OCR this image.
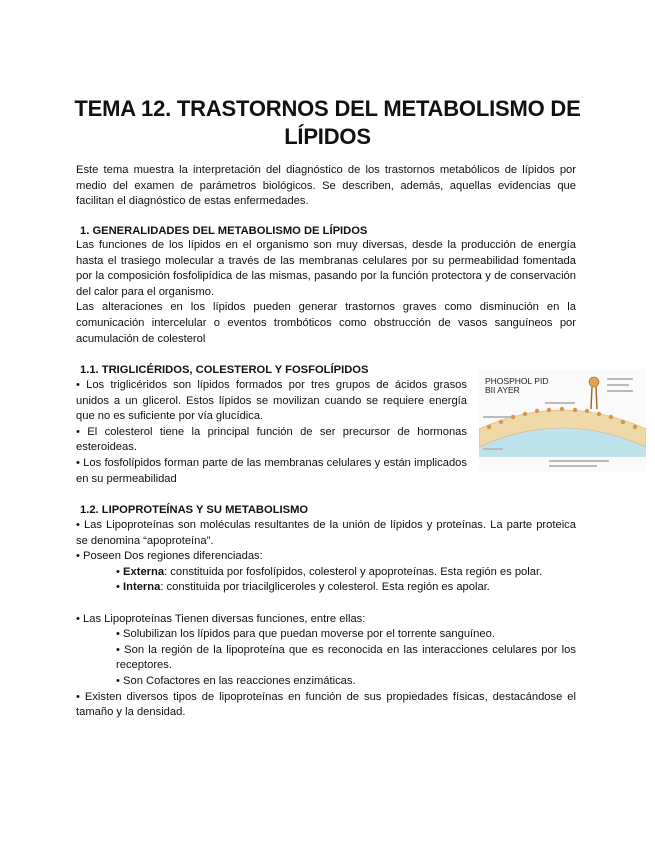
TEMA 12. TRASTORNOS DEL METABOLISMO DE
LÍPIDOS
Este tema muestra la interpretación del diagnóstico de los trastornos metabólicos de lípidos por medio del examen de parámetros biológicos. Se describen, además, aquellas evidencias que facilitan el diagnóstico de estas enfermedades.
1. GENERALIDADES DEL METABOLISMO DE LÍPIDOS

Las funciones de los lípidos en el organismo son muy diversas, desde la producción de energía hasta el trasiego molecular a través de las membranas celulares por su permeabilidad fomentada por la composición fosfolipídica de las mismas, pasando por la función protectora y de conservación del calor para el organismo.

Las alteraciones en los lípidos pueden generar trastornos graves como disminución en la comunicación intercelular o eventos trombóticos como obstrucción de vasos sanguíneos por acumulación de colesterol

1.1. TRIGLICÉRIDOS, COLESTEROL Y FOSFOLÍPIDOS

• Los triglicéridos son lípidos formados por tres grupos de ácidos grasos unidos a un glicerol. Estos lípidos se movilizan cuando se requiere energía que no es suficiente por vía glucídica.

• El colesterol tiene la principal función de ser precursor de hormonas esteroideas.

• Los fosfolípidos forman parte de las membranas celulares y están implicados en su permeabilidad

PHOSPHOL PID
BII AYER
1.2. LIPOPROTEÍNAS Y SU METABOLISMO

• Las Lipoproteínas son moléculas resultantes de la unión de lípidos y proteínas. La parte proteica se denomina “apoproteína”.

• Poseen Dos regiones diferenciadas:

• Externa: constituida por fosfolípidos, colesterol y apoproteínas. Esta región es polar.

• Interna: constituida por triacilgliceroles y colesterol. Esta región es apolar.

• Las Lipoproteínas Tienen diversas funciones, entre ellas:

• Solubilizan los lípidos para que puedan moverse por el torrente sanguíneo.

• Son la región de la lipoproteína que es reconocida en las interacciones celulares por los receptores.

• Son Cofactores en las reacciones enzimáticas.

• Existen diversos tipos de lipoproteínas en función de sus propiedades físicas, destacándose el tamaño y la densidad.
